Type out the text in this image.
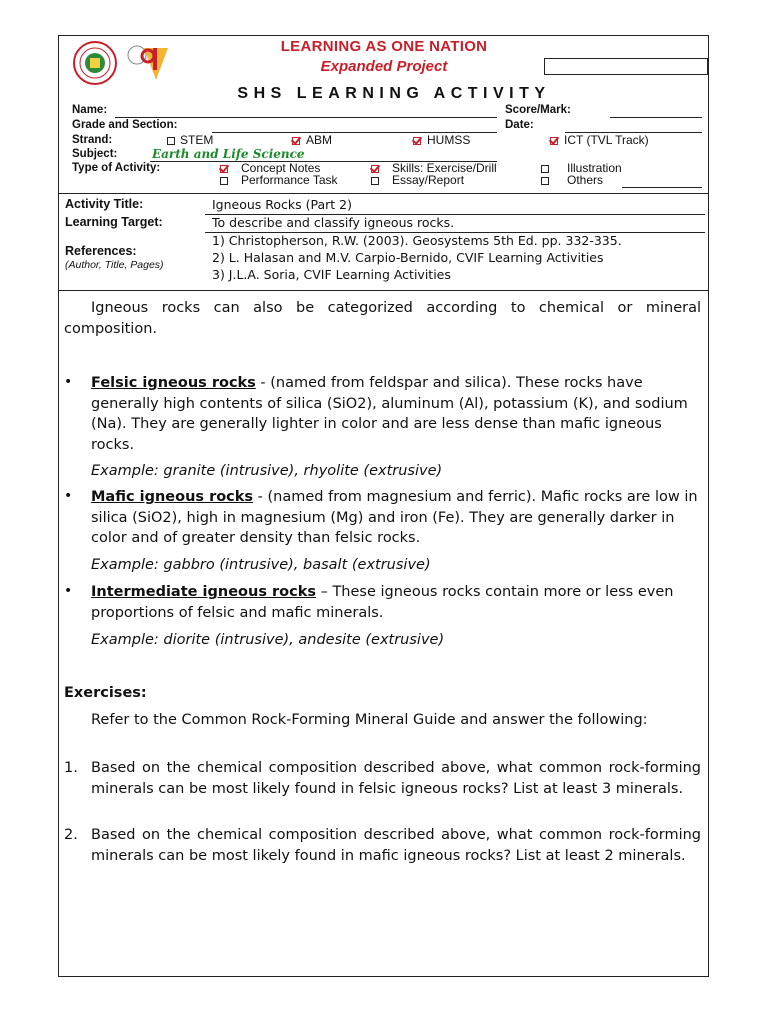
LEARNING AS ONE NATION
Expanded Project
SHS LEARNING ACTIVITY
Name:	Score/Mark:
Grade and Section:	Date:
Strand:	STEM	ABM	HUMSS	ICT (TVL Track)
Subject:	Earth and Life Science
Type of Activity:	Concept Notes	Skills: Exercise/Drill	Illustration
Performance Task	Essay/Report	Others
Activity Title:	Igneous Rocks (Part 2)
Learning Target:	To describe and classify igneous rocks.
References:
(Author, Title, Pages)
1) Christopherson, R.W. (2003). Geosystems 5th Ed. pp. 332-335.
2) L. Halasan and M.V. Carpio-Bernido, CVIF Learning Activities
3) J.L.A. Soria, CVIF Learning Activities
Igneous rocks can also be categorized according to chemical or mineral composition.
• Felsic igneous rocks - (named from feldspar and silica). These rocks have generally high contents of silica (SiO2), aluminum (Al), potassium (K), and sodium (Na). They are generally lighter in color and are less dense than mafic igneous rocks.
Example: granite (intrusive), rhyolite (extrusive)
• Mafic igneous rocks - (named from magnesium and ferric). Mafic rocks are low in silica (SiO2), high in magnesium (Mg) and iron (Fe). They are generally darker in color and of greater density than felsic rocks.
Example: gabbro (intrusive), basalt (extrusive)
• Intermediate igneous rocks – These igneous rocks contain more or less even proportions of felsic and mafic minerals.
Example: diorite (intrusive), andesite (extrusive)
Exercises:
Refer to the Common Rock-Forming Mineral Guide and answer the following:
1. Based on the chemical composition described above, what common rock-forming minerals can be most likely found in felsic igneous rocks? List at least 3 minerals.
2. Based on the chemical composition described above, what common rock-forming minerals can be most likely found in mafic igneous rocks? List at least 2 minerals.
